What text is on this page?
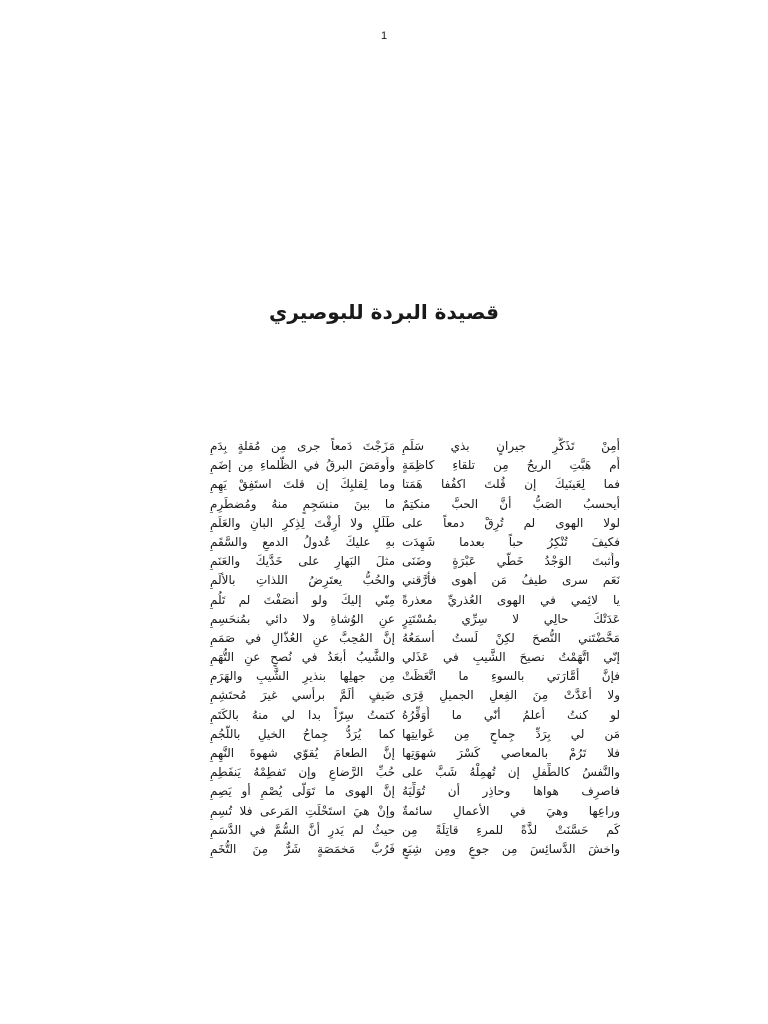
1
قصيدة البردة للبوصيري
أمِنْ تَذَكُّرِ جيرانٍ بذي سَلَمِ
أَم هَبَّتِ الريحُ مِن تلقاءِ كاظِمَةٍ
فما لِعَينَيكَ إن قُلتَ اكفُفا هَمَتا
أيحسبُ الصَبُّ أنَّ الحبَّ منكتِمٌ
لولا الهوى لم تُرِقْ دمعاً على
فكيفَ تُنْكِرُ حباً بعدما شَهِدَت
وأَثبتَ الوَجْدُ خَطَّي عَبْرَةٍ وضَنَى
نَعَم سرى طيفُ مَن أهوى فأرَّقني
يا لائِمي في الهوى العُذريِّ معذرةً
عَدَتْكَ حالِي لا سِرِّي بمُسْتَتِرٍ
مَحَّضْتَني النُّصحَ لكِنْ لَستُ أسمَعُهُ
إنّي اتَّهَمْتُ نصيحَ الشَّيبِ في عَذَلي
فإنَّ أمَّارَتي بالسوءِ ما اتَّعَظَتْ
ولا أعَدَّتْ مِنَ الفِعلِ الجميلِ قِرَى
لو كنتُ أعلمُ أنّي ما أُوَقِّرُهُ
مَن لي بِرَدِّ جِماحٍ مِن غَوايتِها
فلا تَرُمْ بالمعاصي كَسْرَ شهوَتِها
والنَّفسُ كالطِّفلِ إن تُهمِلْهُ شَبَّ على
فاصرِف هواها وحاذِر أن تُوَلِّيَهُ
وراعِها وهيَ في الأعمالِ سائمةٌ
كَم حَسَّنَتْ لذَّةً للمرءِ قاتِلَةً مِن
واخشَ الدَّسائِسَ مِن جوعٍ ومِن شِبَعٍ
مَزَجْتَ دَمعاً جرى مِن مُقلةٍ بِدَمِ
وأَومَضَ البرقُ في الظَّلماءِ مِن إضَمِ
وما لِقلبِكَ إن قلتَ استَفِقْ يَهِمِ
ما بينَ منسَجِمٍ منهُ ومُضطَرِمِ
طَلَلٍ ولا أرِقْتَ لِذِكرِ البانِ والعَلَمِ
بهِ عليكَ عُدولُ الدمعِ والسَّقَمِ
مثلَ البَهارِ على خَدَّيكَ والعَنَمِ
والحُبُّ يعتَرِضُ اللذاتِ بالألَمِ
مِنّي إليكَ ولو أنصَفْتَ لم تَلُمِ
عنِ الوُشاةِ ولا دائي بمُنحَسِمِ
إنَّ المُحِبَّ عنِ العُذّالِ في صَمَمِ
والشَّيبُ أبعَدُ في نُصحٍ عنِ التُّهَمِ
مِن جهلِها بنذيرِ الشَّيبِ والهَرَمِ
ضَيفٍ ألَمَّ برأسي غيرَ مُحتَشِمِ
كتمتُ سِرّاً بدا لي منهُ بالكَتَمِ
كما يُرَدُّ جِماحُ الخيلِ باللُّجُمِ
إنَّ الطعامَ يُقوّي شهوةَ النَّهِمِ
حُبِّ الرَّضاعِ وإن تَفطِمْهُ يَنفَطِمِ
إنَّ الهوى ما تَوَلّى يُصْمِ أو يَصِمِ
وإنْ هيَ استَحْلَتِ المَرعى فلا تُسِمِ
حيثُ لم يَدرِ أنَّ السُّمَّ في الدَّسَمِ
فَرُبَّ مَخمَصَةٍ شَرٌّ مِنَ التُّخَمِ
